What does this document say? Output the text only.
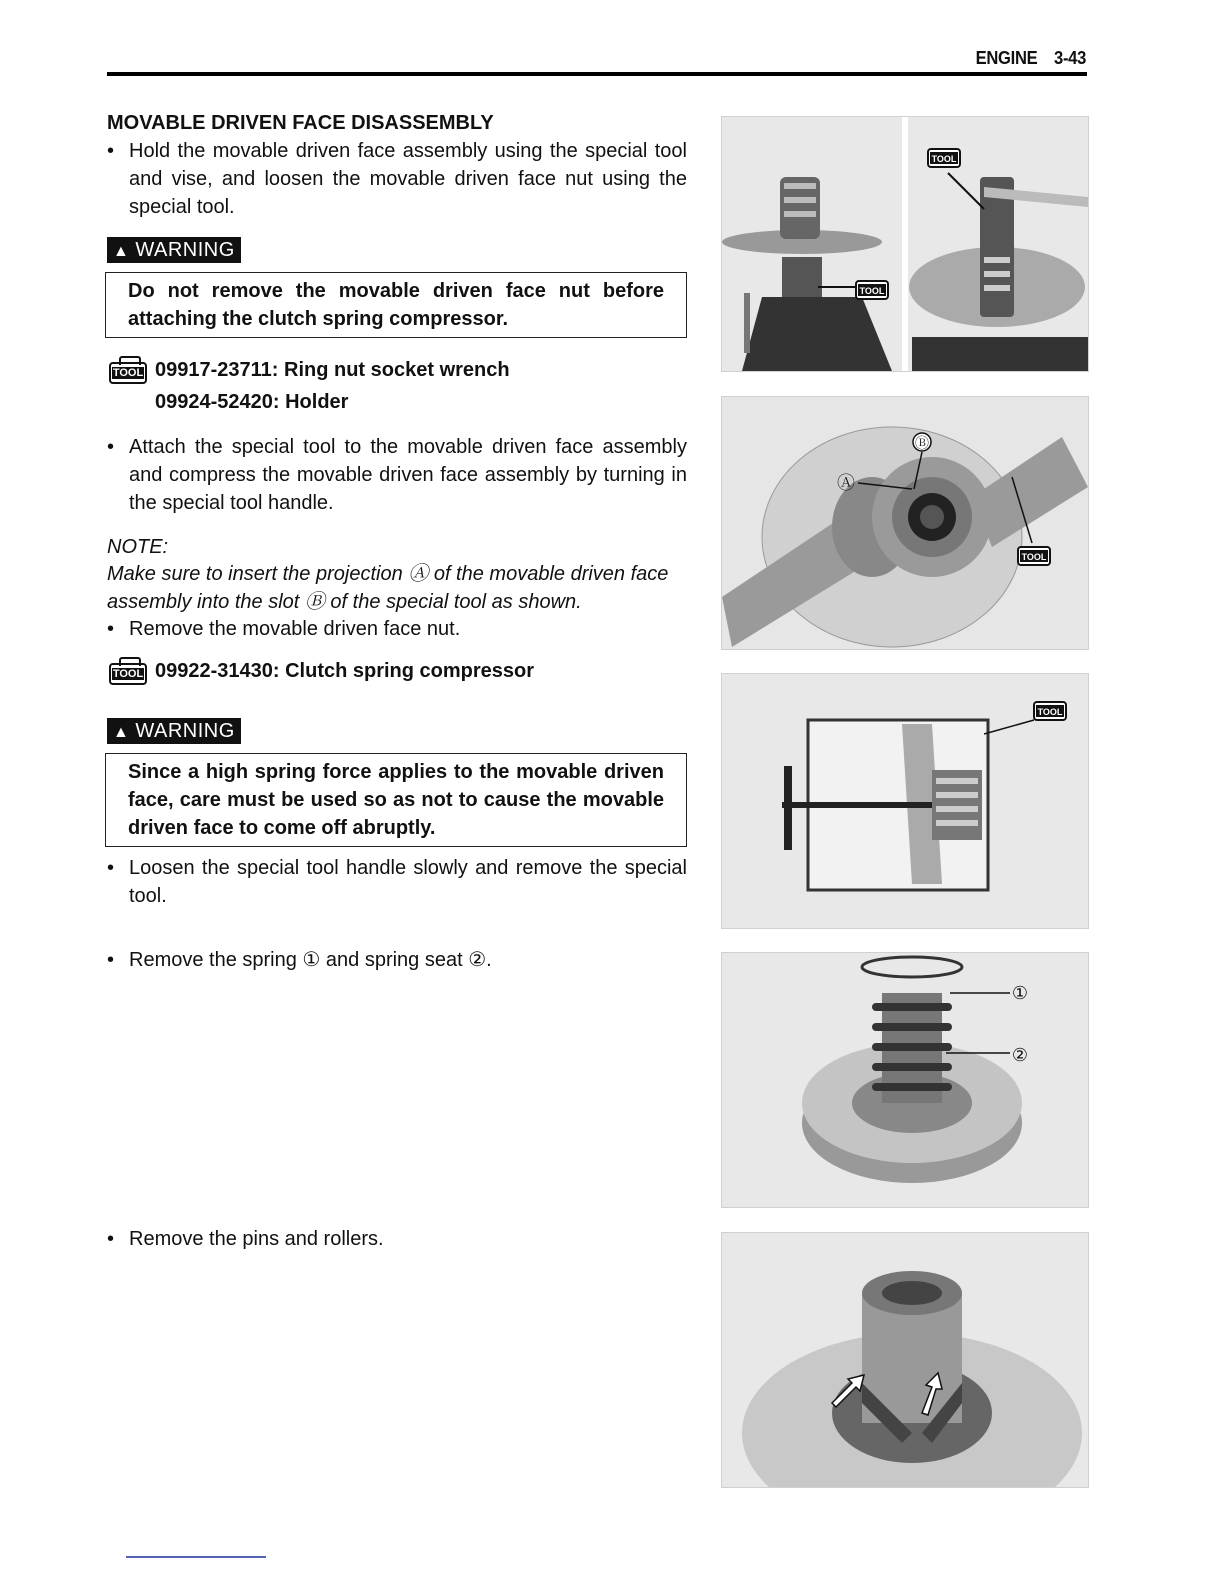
ENGINE 3-43
MOVABLE DRIVEN FACE DISASSEMBLY
• Hold the movable driven face assembly using the special tool and vise, and loosen the movable driven face nut using the special tool.
▲ WARNING
Do not remove the movable driven face nut before attaching the clutch spring compressor.
TOOL 09917-23711: Ring nut socket wrench
09924-52420: Holder
• Attach the special tool to the movable driven face assembly and compress the movable driven face assembly by turning in the special tool handle.
NOTE:
Make sure to insert the projection Ⓐ of the movable driven face assembly into the slot Ⓑ of the special tool as shown.
• Remove the movable driven face nut.
TOOL 09922-31430: Clutch spring compressor
▲ WARNING
Since a high spring force applies to the movable driven face, care must be used so as not to cause the movable driven face to come off abruptly.
• Loosen the special tool handle slowly and remove the special tool.
• Remove the spring ① and spring seat ②.
• Remove the pins and rollers.
TOOL
TOOL
Ⓑ
Ⓐ
TOOL
TOOL
①
②
